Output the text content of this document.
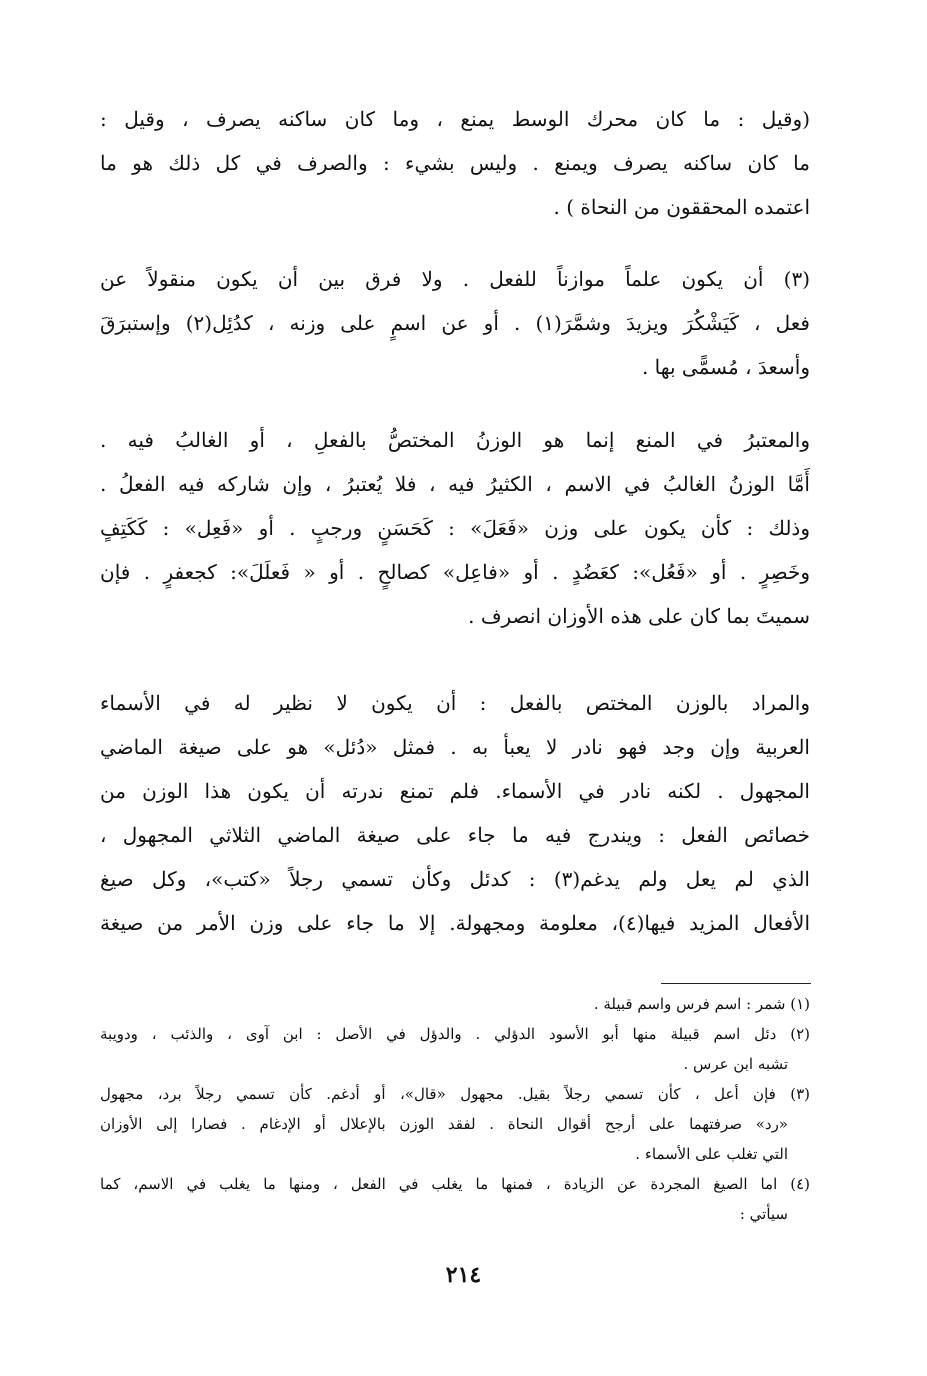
(وقيل : ما كان محرك الوسط يمنع ، وما كان ساكنه يصرف ، وقيل :
ما كان ساكنه يصرف ويمنع . وليس بشيء : والصرف في كل ذلك هو ما
اعتمده المحققون من النحاة ) .
(٣) أن يكون علماً موازناً للفعل . ولا فرق بين أن يكون منقولاً عن
فعل ، كَيَشْكُرَ ويزيدَ وشمَّرَ(١) . أو عن اسمٍ على وزنه ، كدُئِل(٢) وإستبرَقَ
وأسعدَ ، مُسمًّى بها .
والمعتبرُ في المنع إنما هو الوزنُ المختصُّ بالفعلِ ، أو الغالبُ فيه .
أَمَّا الوزنُ الغالبُ في الاسم ، الكثيرُ فيه ، فلا يُعتبرُ ، وإن شاركه فيه الفعلُ .
وذلك : كأن يكون على وزن «فَعَلَ» : كَحَسَنٍ ورجبٍ . أو «فَعِل» : كَكَتِفٍ
وخَصِرٍ . أو «فَعُل»: كعَضُدٍ . أو «فاعِل» كصالحٍ . أو « فَعلَلَ»: كجعفرٍ . فإن
سميتَ بما كان على هذه الأوزان انصرف .
والمراد بالوزن المختص بالفعل : أن يكون لا نظير له في الأسماء
العربية وإن وجد فهو نادر لا يعبأ به . فمثل «دُئل» هو على صيغة الماضي
المجهول . لكنه نادر في الأسماء. فلم تمنع ندرته أن يكون هذا الوزن من
خصائص الفعل : ويندرج فيه ما جاء على صيغة الماضي الثلاثي المجهول ،
الذي لم يعل ولم يدغم(٣) : كدئل وكأن تسمي رجلاً «كتب»، وكل صيغ
الأفعال المزيد فيها(٤)، معلومة ومجهولة. إلا ما جاء على وزن الأمر من صيغة
(١) شمر : اسم فرس واسم قبيلة .
(٢) دئل اسم قبيلة منها أبو الأسود الدؤلي . والدؤل في الأصل : ابن آوى ، والذئب ، ودويبة
تشبه ابن عرس .
(٣) فإن أعل ، كأن تسمي رجلاً بقيل. مجهول «قال»، أو أدغم. كأن تسمي رجلاً برد، مجهول
«رد» صرفتهما على أرجح أقوال النحاة . لفقد الوزن بالإعلال أو الإدغام . فصارا إلى الأوزان
التي تغلب على الأسماء .
(٤) اما الصيغ المجردة عن الزيادة ، فمنها ما يغلب في الفعل ، ومنها ما يغلب في الاسم، كما
سيأتي :
٢١٤
